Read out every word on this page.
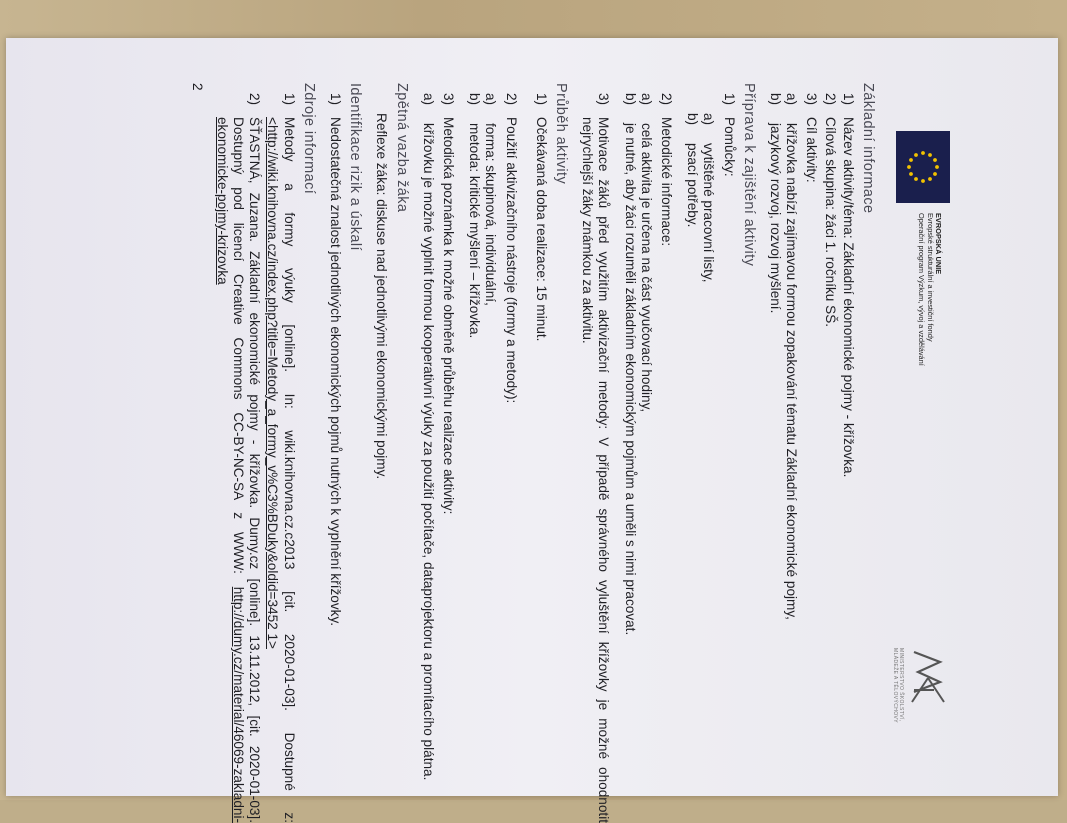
EVROPSKÁ UNIE
Evropské strukturální a investiční fondy
Operační program Výzkum, vývoj a vzdělávání
MINISTERSTVO ŠKOLSTVÍ,
MLÁDEŽE A TĚLOVÝCHOVY
Základní informace
1)
Název aktivity/téma: Základní ekonomické pojmy - křížovka.
2)
Cílová skupina: žáci 1. ročníku SŠ.
3)
Cíl aktivity:
a)
křížovka nabízí zajímavou formou zopakování tématu Základní ekonomické pojmy,
b)
jazykový rozvoj, rozvoj myšlení.
Příprava k zajištění aktivity
1)
Pomůcky:
a)
vytištěné pracovní listy,
b)
psací potřeby.
2)
Metodické informace:
a)
celá aktivita je určena na část vyučovací hodiny,
b)
je nutné, aby žáci rozuměli základním ekonomickým pojmům a uměli s nimi pracovat.
3)
Motivace žáků před využitím aktivizační metody: V případě správného vyluštění křížovky je možné ohodnotit nejrychlejší žáky známkou za aktivitu.
Průběh aktivity
1)
Očekávaná doba realizace: 15 minut.
2)
Použití aktivizačního nástroje (formy a metody):
a)
forma: skupinová, individuální,
b)
metoda: kritické myšlení – křížovka.
3)
Metodická poznámka k možné obměně průběhu realizace aktivity:
a)
křížovku je možné vyplnit formou kooperativní výuky za použití počítače, dataprojektoru a promítacího plátna.
Zpětná vazba žáka
Reflexe žáka: diskuse nad jednotlivými ekonomickými pojmy.
Identifikace rizik a úskalí
1)
Nedostatečná znalost jednotlivých ekonomických pojmů nutných k vyplnění křížovky.
Zdroje informací
1)
Metody a formy výuky [online]. In: wiki.knihovna.cz.c2013 [cit. 2020-01-03]. Dostupné z: <http://wiki.knihovna.cz/index.php?title=Metody_a_formy_v%C3%BDuky&oldid=3452 1>
2)
ŠŤASTNÁ, Zuzana. Základní ekonomické pojmy - křížovka. Dumy.cz [online]. 13.11.2012, [cit. 2020-01-03]. Dostupný pod licencí Creative Commons CC-BY-NC-SA z WWW: http://dumy.cz/material/46069-zakladni-ekonomicke-pojmy-krizovka
2
